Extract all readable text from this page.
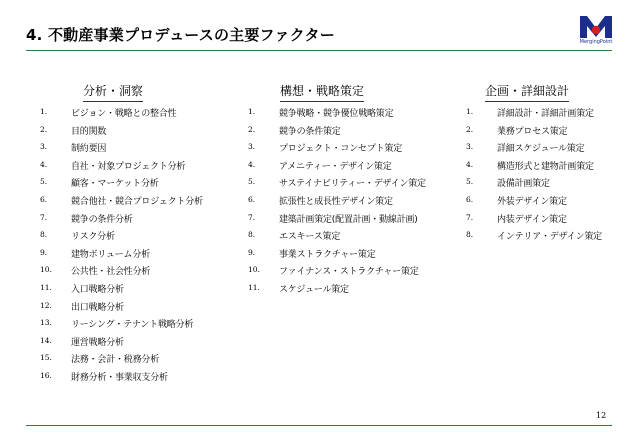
4. 不動産事業プロデュースの主要ファクター	MergingPoint
分析・洞察
1.	ビジョン・戦略との整合性
2.	目的関数
3.	制約要因
4.	自社・対象プロジェクト分析
5.	顧客・マーケット分析
6.	競合他社・競合プロジェクト分析
7.	競争の条件分析
8.	リスク分析
9.	建物ボリューム分析
10. 公共性・社会性分析
11. 入口戦略分析
12. 出口戦略分析
13. リーシング・テナント戦略分析
14. 運営戦略分析
15. 法務・会計・税務分析
16. 財務分析・事業収支分析
構想・戦略策定
1.	競争戦略・競争優位戦略策定
2.	競争の条件策定
3.	プロジェクト・コンセプト策定
4.	アメニティー・デザイン策定
5.	サステイナビリティー・デザイン策定
6.	拡張性と成長性デザイン策定
7.	建築計画策定(配置計画・動線計画)
8.	エスキース策定
9.	事業ストラクチャー策定
10. ファイナンス・ストラクチャー策定
11. スケジュール策定
企画・詳細設計
1.	詳細設計・詳細計画策定
2.	業務プロセス策定
3.	詳細スケジュール策定
4.	構造形式と建物計画策定
5.	設備計画策定
6.	外装デザイン策定
7.	内装デザイン策定
8.	インテリア・デザイン策定
12
